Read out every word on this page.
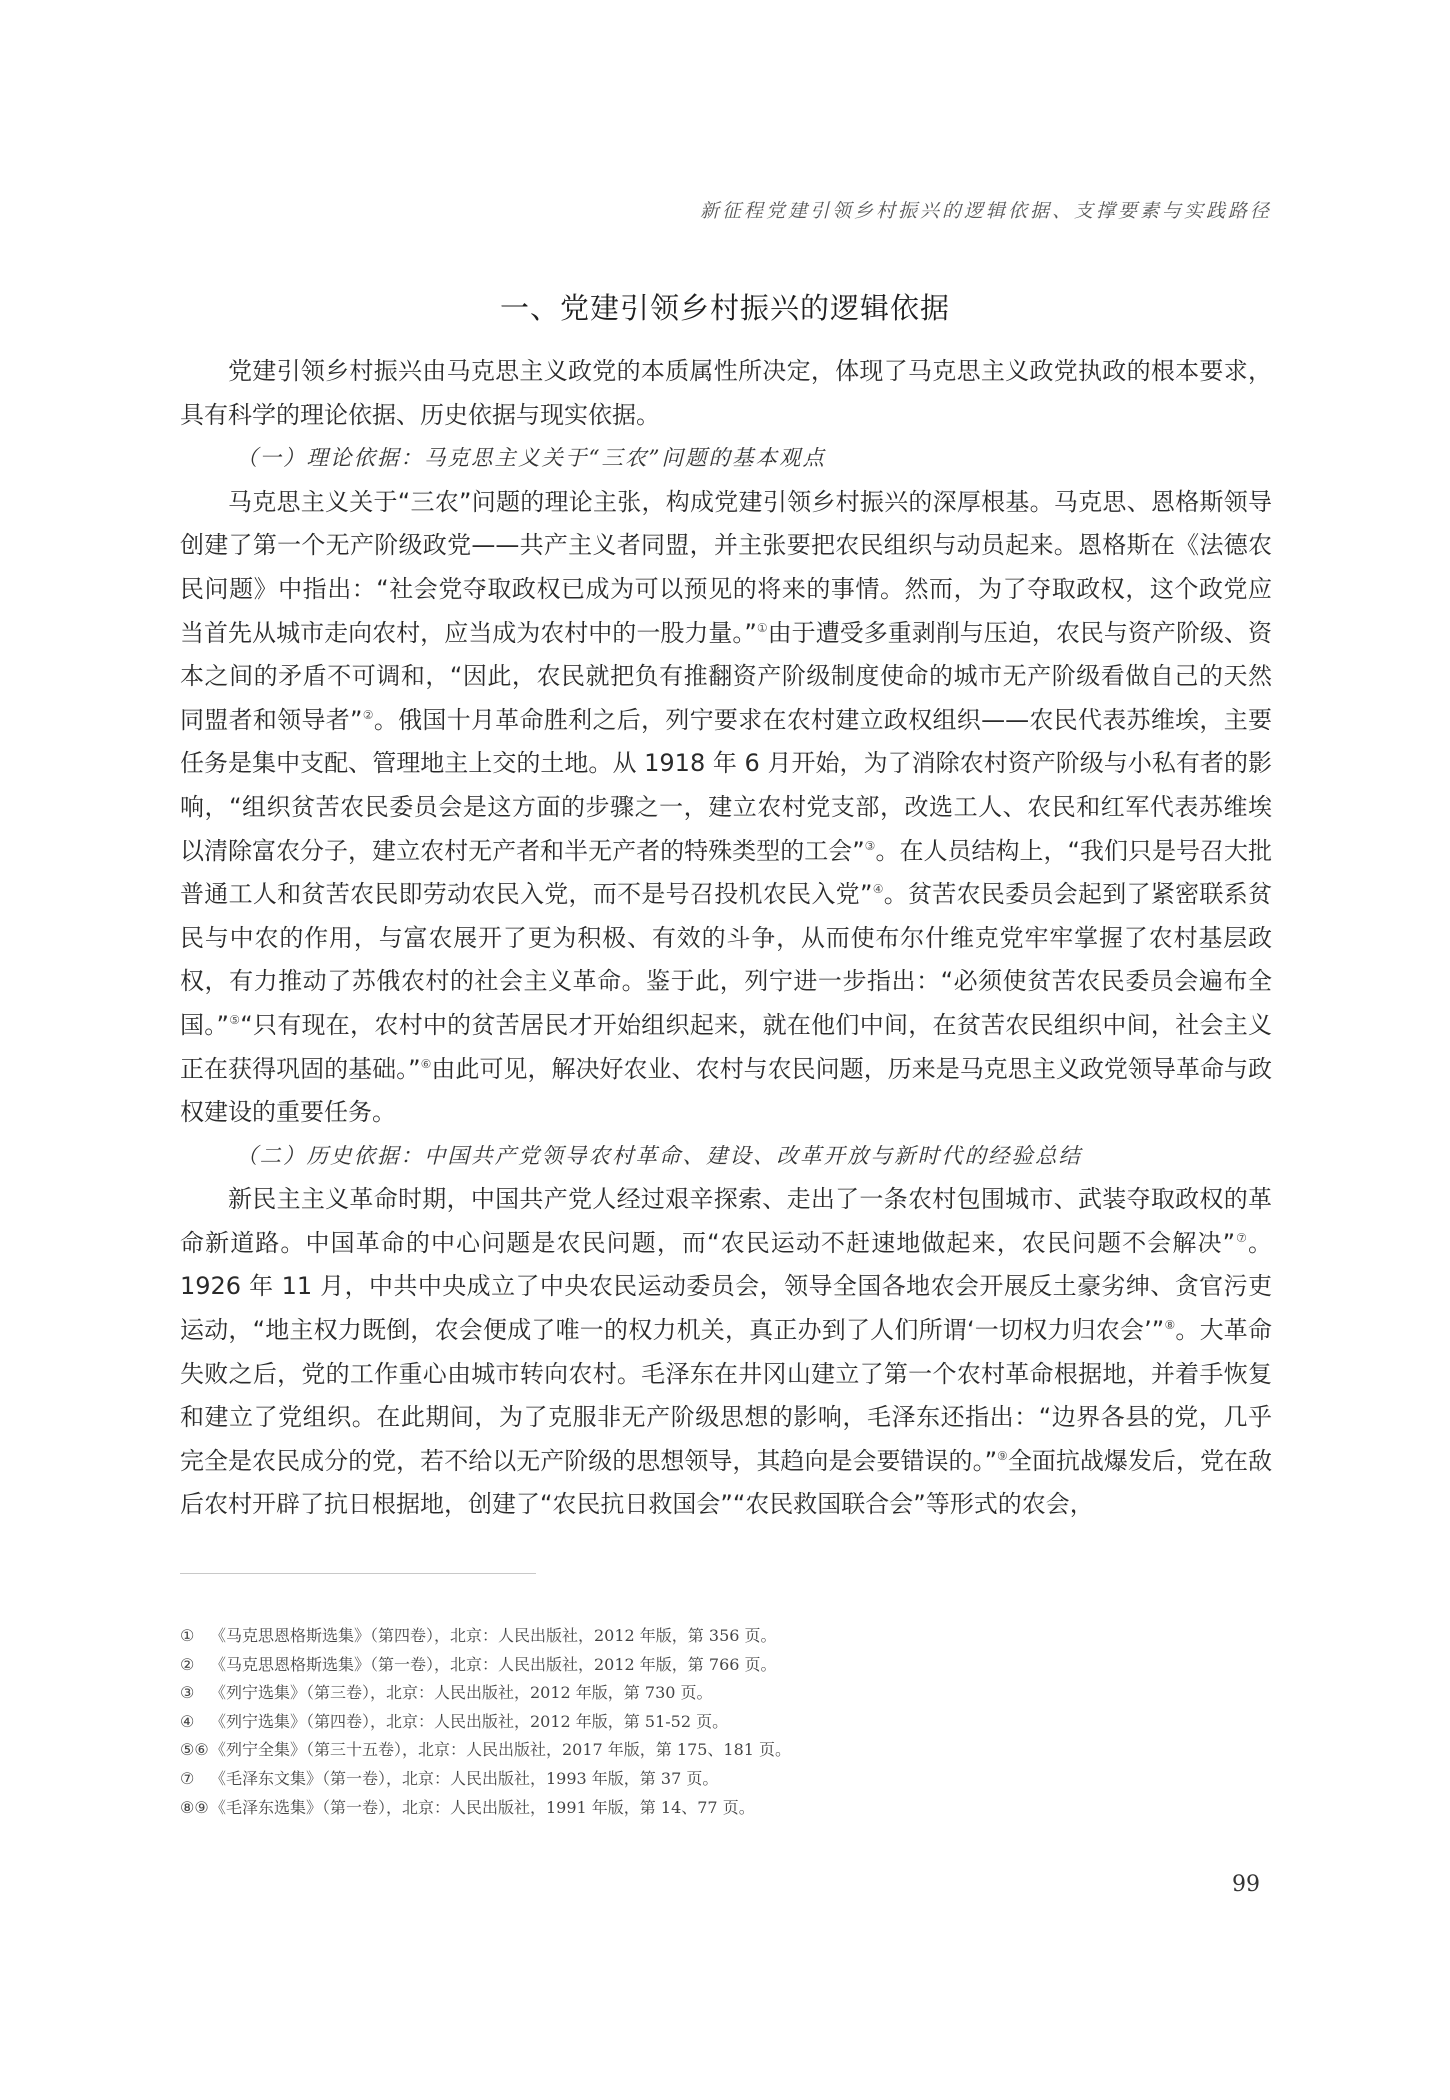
新征程党建引领乡村振兴的逻辑依据、支撑要素与实践路径
一、党建引领乡村振兴的逻辑依据

党建引领乡村振兴由马克思主义政党的本质属性所决定，体现了马克思主义政党执政的根本要求，具有科学的理论依据、历史依据与现实依据。

（一）理论依据：马克思主义关于“三农”问题的基本观点

马克思主义关于“三农”问题的理论主张，构成党建引领乡村振兴的深厚根基。马克思、恩格斯领导创建了第一个无产阶级政党——共产主义者同盟，并主张要把农民组织与动员起来。恩格斯在《法德农民问题》中指出：“社会党夺取政权已成为可以预见的将来的事情。然而，为了夺取政权，这个政党应当首先从城市走向农村，应当成为农村中的一股力量。”①由于遭受多重剥削与压迫，农民与资产阶级、资本之间的矛盾不可调和，“因此，农民就把负有推翻资产阶级制度使命的城市无产阶级看做自己的天然同盟者和领导者”②。俄国十月革命胜利之后，列宁要求在农村建立政权组织——农民代表苏维埃，主要任务是集中支配、管理地主上交的土地。从 1918 年 6 月开始，为了消除农村资产阶级与小私有者的影响，“组织贫苦农民委员会是这方面的步骤之一，建立农村党支部，改选工人、农民和红军代表苏维埃以清除富农分子，建立农村无产者和半无产者的特殊类型的工会”③。在人员结构上，“我们只是号召大批普通工人和贫苦农民即劳动农民入党，而不是号召投机农民入党”④。贫苦农民委员会起到了紧密联系贫民与中农的作用，与富农展开了更为积极、有效的斗争，从而使布尔什维克党牢牢掌握了农村基层政权，有力推动了苏俄农村的社会主义革命。鉴于此，列宁进一步指出：“必须使贫苦农民委员会遍布全国。”⑤“只有现在，农村中的贫苦居民才开始组织起来，就在他们中间，在贫苦农民组织中间，社会主义正在获得巩固的基础。”⑥由此可见，解决好农业、农村与农民问题，历来是马克思主义政党领导革命与政权建设的重要任务。

（二）历史依据：中国共产党领导农村革命、建设、改革开放与新时代的经验总结

新民主主义革命时期，中国共产党人经过艰辛探索、走出了一条农村包围城市、武装夺取政权的革命新道路。中国革命的中心问题是农民问题，而“农民运动不赶速地做起来，农民问题不会解决”⑦。1926 年 11 月，中共中央成立了中央农民运动委员会，领导全国各地农会开展反土豪劣绅、贪官污吏运动，“地主权力既倒，农会便成了唯一的权力机关，真正办到了人们所谓‘一切权力归农会’”⑧。大革命失败之后，党的工作重心由城市转向农村。毛泽东在井冈山建立了第一个农村革命根据地，并着手恢复和建立了党组织。在此期间，为了克服非无产阶级思想的影响，毛泽东还指出：“边界各县的党，几乎完全是农民成分的党，若不给以无产阶级的思想领导，其趋向是会要错误的。”⑨全面抗战爆发后，党在敌后农村开辟了抗日根据地，创建了“农民抗日救国会”“农民救国联合会”等形式的农会，

① 《马克思恩格斯选集》（第四卷），北京：人民出版社，2012 年版，第 356 页。
② 《马克思恩格斯选集》（第一卷），北京：人民出版社，2012 年版，第 766 页。
③ 《列宁选集》（第三卷），北京：人民出版社，2012 年版，第 730 页。
④ 《列宁选集》（第四卷），北京：人民出版社，2012 年版，第 51-52 页。
⑤⑥《列宁全集》（第三十五卷），北京：人民出版社，2017 年版，第 175、181 页。
⑦ 《毛泽东文集》（第一卷），北京：人民出版社，1993 年版，第 37 页。
⑧⑨《毛泽东选集》（第一卷），北京：人民出版社，1991 年版，第 14、77 页。
99
